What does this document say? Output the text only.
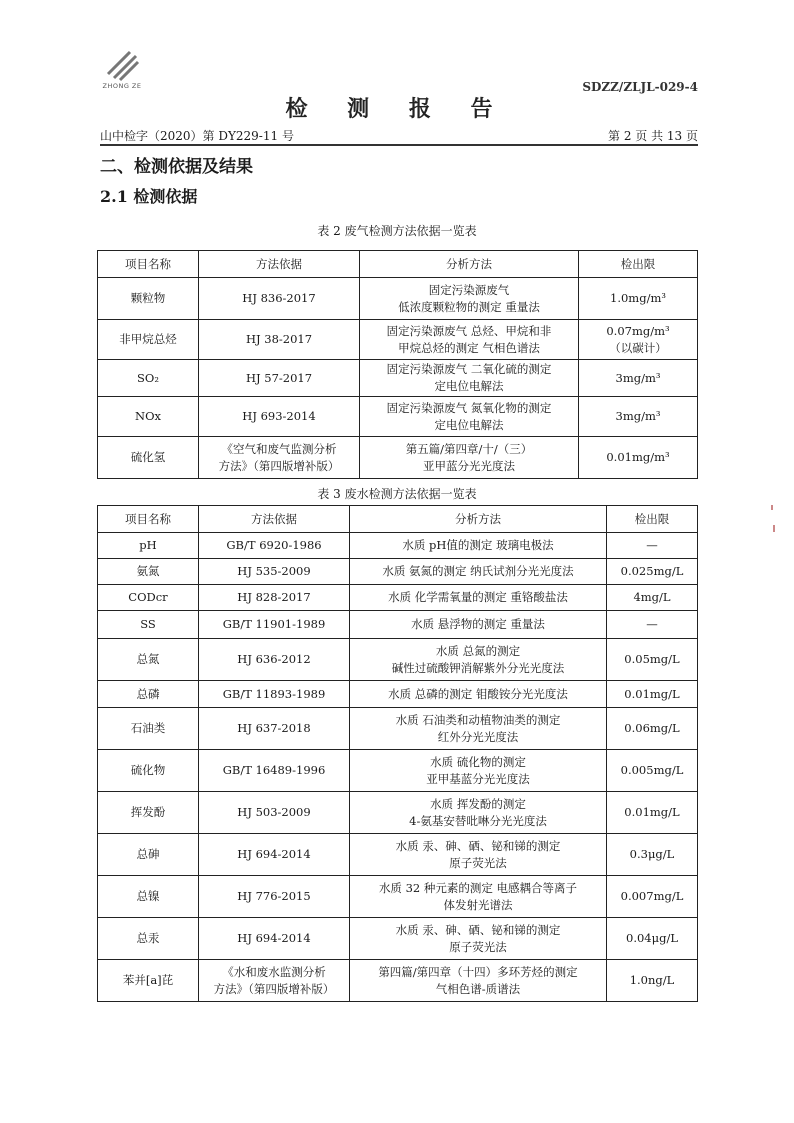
ZHONG ZE	SDZZ/ZLJL-029-4
检 测 报 告
山中检字（2020）第 DY229-11 号	第 2 页 共 13 页
二、检测依据及结果
2.1 检测依据
表 2 废气检测方法依据一览表
项目名称	方法依据	分析方法	检出限
颗粒物	HJ 836-2017	固定污染源废气
低浓度颗粒物的测定 重量法	1.0mg/m³

非甲烷总烃	HJ 38-2017	固定污染源废气 总烃、甲烷和非
甲烷总烃的测定 气相色谱法	0.07mg/m³
（以碳计）

SO₂	HJ 57-2017	固定污染源废气 二氧化硫的测定
定电位电解法	3mg/m³

NOx	HJ 693-2014	固定污染源废气 氮氧化物的测定
定电位电解法	3mg/m³

硫化氢	《空气和废气监测分析
方法》（第四版增补版）	第五篇/第四章/十/（三）
亚甲蓝分光光度法	0.01mg/m³
表 3 废水检测方法依据一览表
项目名称	方法依据	分析方法	检出限
pH	GB/T 6920-1986	水质 pH值的测定 玻璃电极法	—

氨氮	HJ 535-2009	水质 氨氮的测定 纳氏试剂分光光度法	0.025mg/L

CODcr	HJ 828-2017	水质 化学需氧量的测定 重铬酸盐法	4mg/L

SS	GB/T 11901-1989	水质 悬浮物的测定 重量法	—

总氮	HJ 636-2012	水质 总氮的测定
碱性过硫酸钾消解紫外分光光度法	0.05mg/L

总磷	GB/T 11893-1989	水质 总磷的测定 钼酸铵分光光度法	0.01mg/L

石油类	HJ 637-2018	水质 石油类和动植物油类的测定
红外分光光度法	0.06mg/L

硫化物	GB/T 16489-1996	水质 硫化物的测定
亚甲基蓝分光光度法	0.005mg/L

挥发酚	HJ 503-2009	水质 挥发酚的测定
4-氨基安替吡啉分光光度法	0.01mg/L

总砷	HJ 694-2014	水质 汞、砷、硒、铋和锑的测定
原子荧光法	0.3μg/L

总镍	HJ 776-2015	水质 32 种元素的测定 电感耦合等离子
体发射光谱法	0.007mg/L

总汞	HJ 694-2014	水质 汞、砷、硒、铋和锑的测定
原子荧光法	0.04μg/L

苯并[a]芘	《水和废水监测分析
方法》（第四版增补版）	第四篇/第四章（十四）多环芳烃的测定
气相色谱-质谱法	1.0ng/L
